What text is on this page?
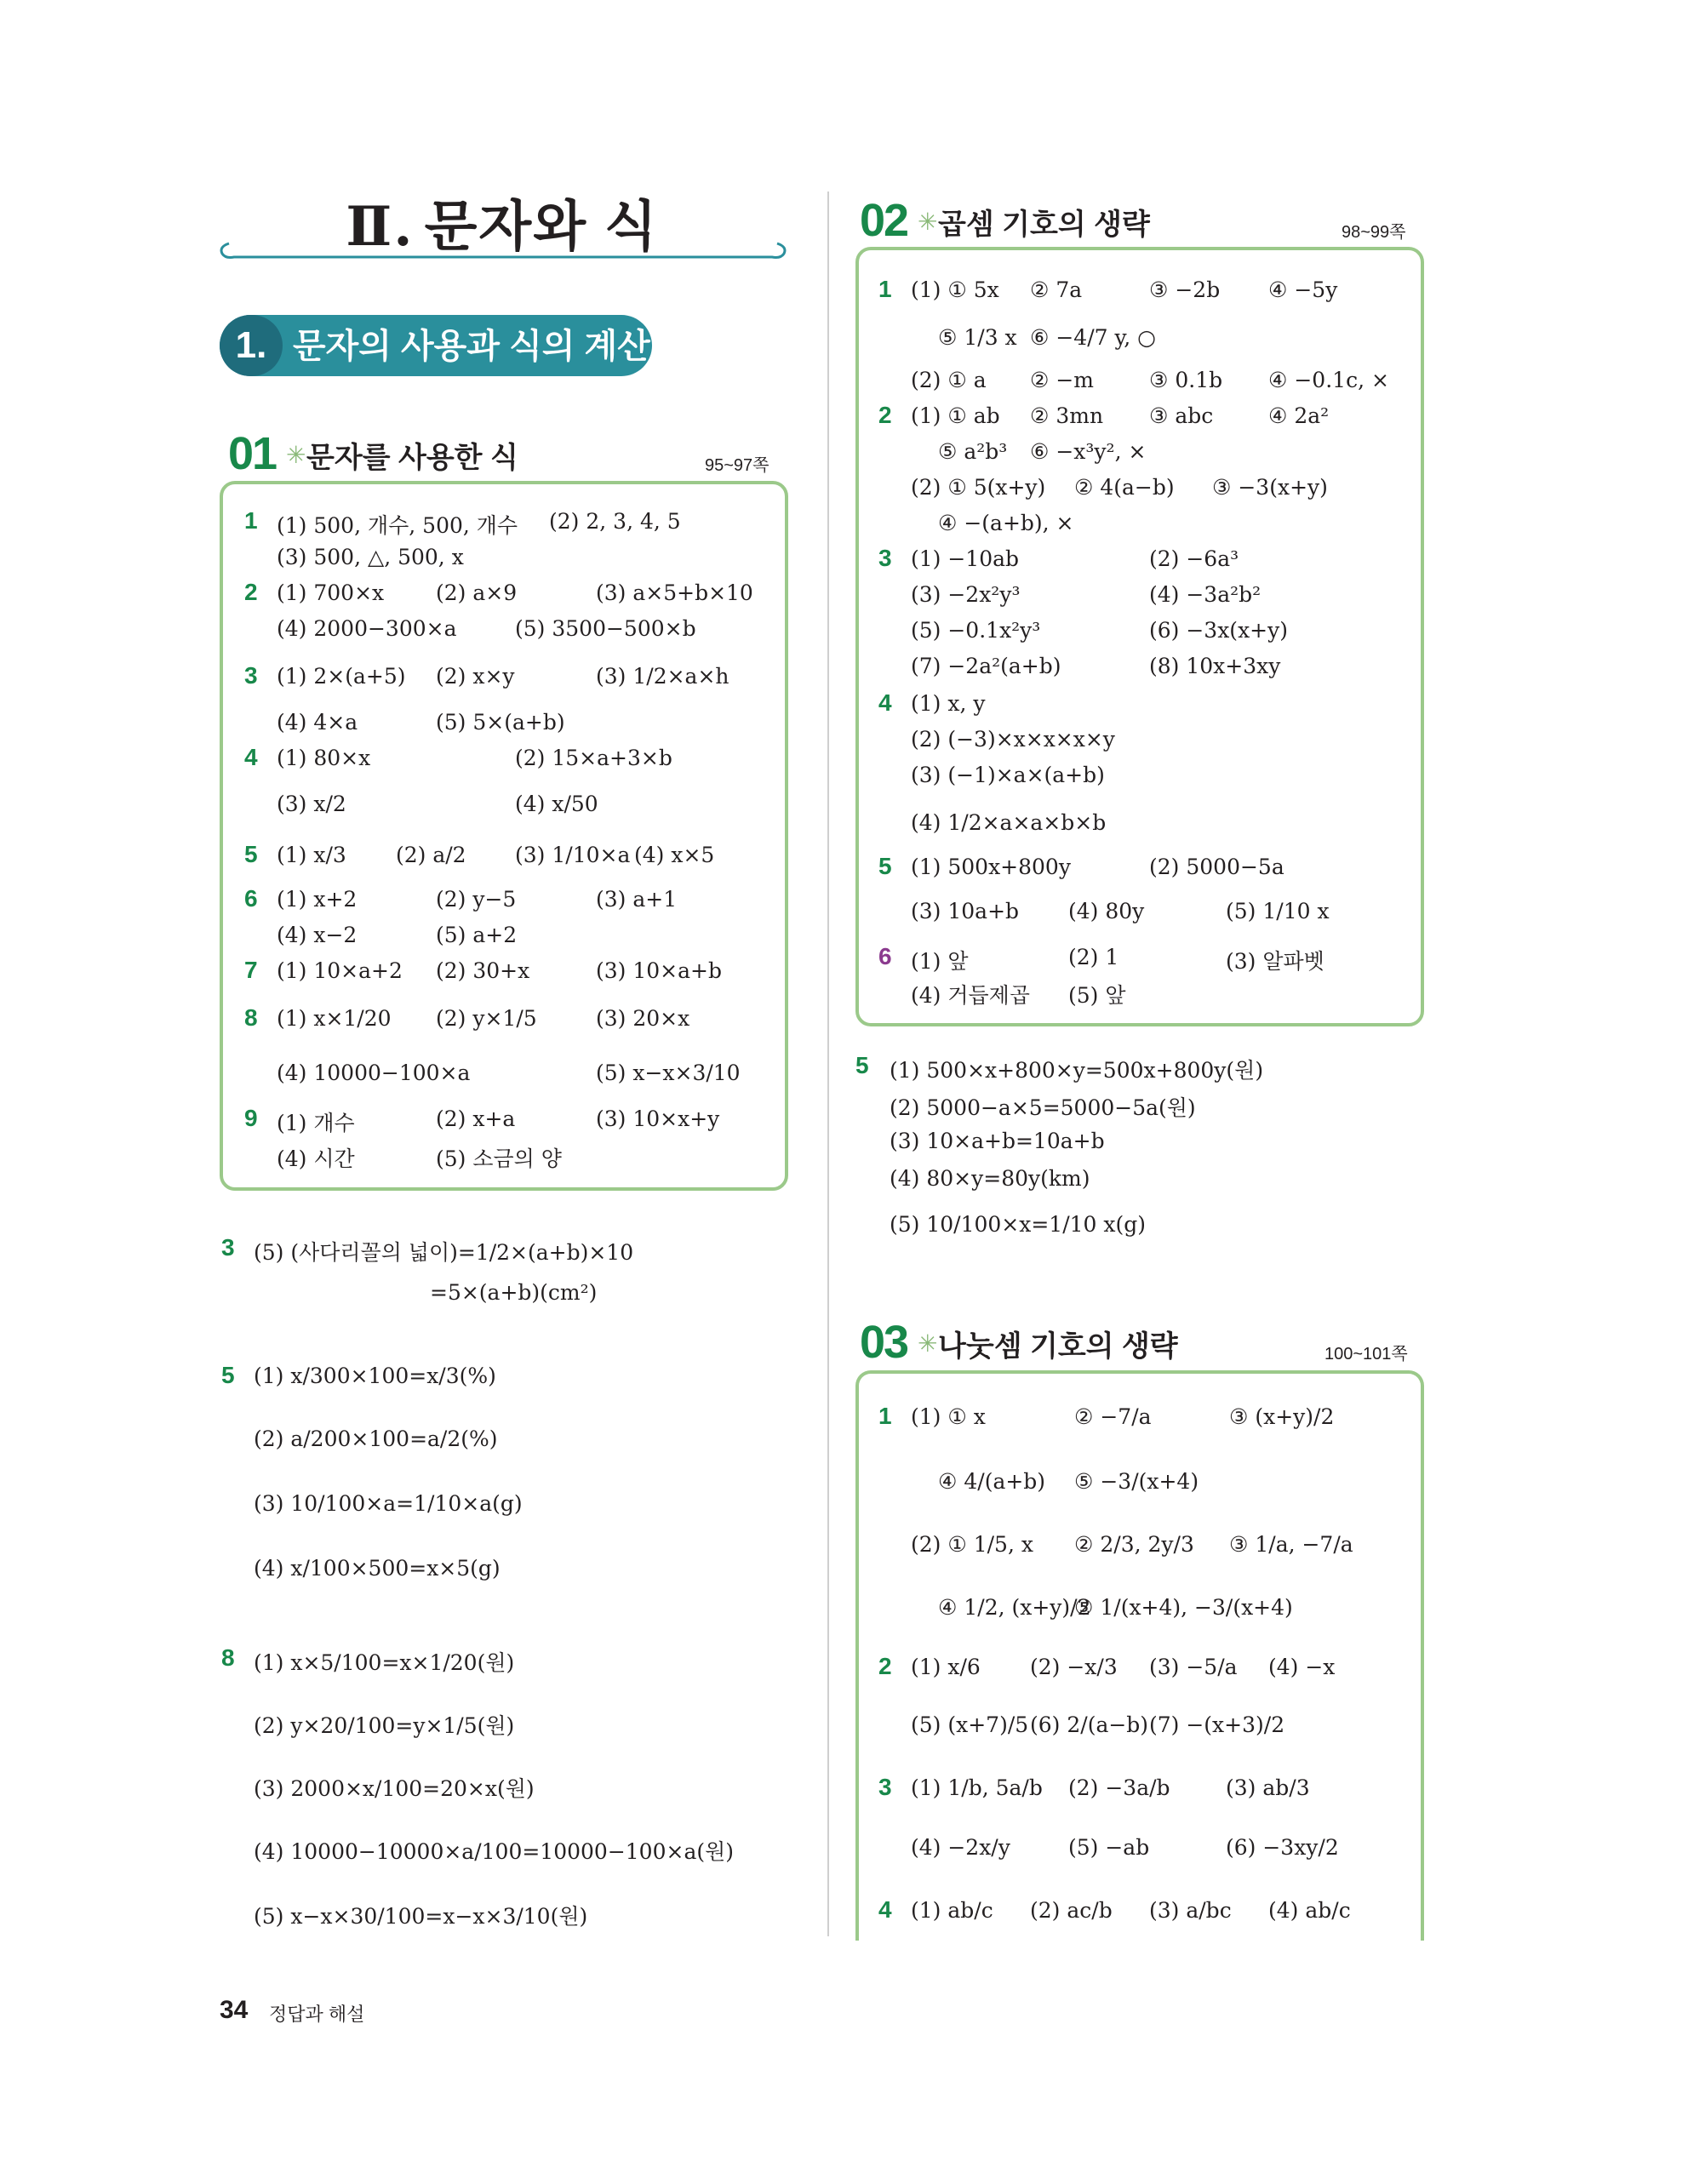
Ⅱ. 문자와 식
1. 문자의 사용과 식의 계산
01 ✳ 문자를 사용한 식	95~97쪽
02 ✳ 곱셈 기호의 생략	98~99쪽
03 ✳ 나눗셈 기호의 생략	100~101쪽
34 정답과 해설
1 (1) 500, 개수, 500, 개수 (2) 2, 3, 4, 5
(3) 500, △, 500, x
2 (1) 700×x (2) a×9	(3) a×5+b×10
(4) 2000−300×a	(5) 3500−500×b
3 (1) 2×(a+5) (2) x×y	(3) 1/2×a×h
(4) 4×a	(5) 5×(a+b)
4 (1) 80×x	(2) 15×a+3×b
(3) x/2	(4) x/50
5 (1) x/3 (2) a/2 (3) 1/10×a (4) x×5
6 (1) x+2	(2) y−5	(3) a+1
(4) x−2	(5) a+2
7 (1) 10×a+2 (2) 30+x	(3) 10×a+b
8 (1) x×1/20 (2) y×1/5	(3) 20×x
(4) 10000−100×a	(5) x−x×3/10
9 (1) 개수	(2) x+a	(3) 10×x+y
(4) 시간	(5) 소금의 양
1 (1) ① 5x ② 7a	③ −2b ④ −5y
⑤ 1/3 x ⑥ −4/7 y, ○
(2) ① a ② −m	③ 0.1b ④ −0.1c, ×
2 (1) ① ab ② 3mn ③ abc	④ 2a²
⑤ a²b³ ⑥ −x³y², ×
(2) ① 5(x+y) ② 4(a−b) ③ −3(x+y)
④ −(a+b), ×
3 (1) −10ab	(2) −6a³
(3) −2x²y³	(4) −3a²b²
(5) −0.1x²y³	(6) −3x(x+y)
(7) −2a²(a+b)	(8) 10x+3xy
4 (1) x, y
(2) (−3)×x×x×x×y
(3) (−1)×a×(a+b)
(4) 1/2×a×a×b×b
5 (1) 500x+800y	(2) 5000−5a
(3) 10a+b (4) 80y	(5) 1/10 x
6 (1) 앞	(2) 1	(3) 알파벳
(4) 거듭제곱 (5) 앞
1 (1) ① x	② −7/a	③ (x+y)/2
④ 4/(a+b) ⑤ −3/(x+4)
(2) ① 1/5, x ② 2/3, 2y/3 ③ 1/a, −7/a
④ 1/2, (x+y)/2
⑤ 1/(x+4), −3/(x+4)
2 (1) x/6 (2) −x/3 (3) −5/a (4) −x
(5) (x+7)/5 (6) 2/(a−b) (7) −(x+3)/2
3 (1) 1/b, 5a/b (2) −3a/b	(3) ab/3
(4) −2x/y	(5) −ab	(6) −3xy/2
4 (1) ab/c (2) ac/b (3) a/bc (4) ab/c
3 (5) (사다리꼴의 넓이)=1/2×(a+b)×10
=5×(a+b)(cm²)
5 (1) x/300×100=x/3(%)
(2) a/200×100=a/2(%)
(3) 10/100×a=1/10×a(g)
(4) x/100×500=x×5(g)
8 (1) x×5/100=x×1/20(원)
(2) y×20/100=y×1/5(원)
(3) 2000×x/100=20×x(원)
(4) 10000−10000×a/100=10000−100×a(원)
(5) x−x×30/100=x−x×3/10(원)
5 (1) 500×x+800×y=500x+800y(원)
(2) 5000−a×5=5000−5a(원)
(3) 10×a+b=10a+b
(4) 80×y=80y(km)
(5) 10/100×x=1/10 x(g)
